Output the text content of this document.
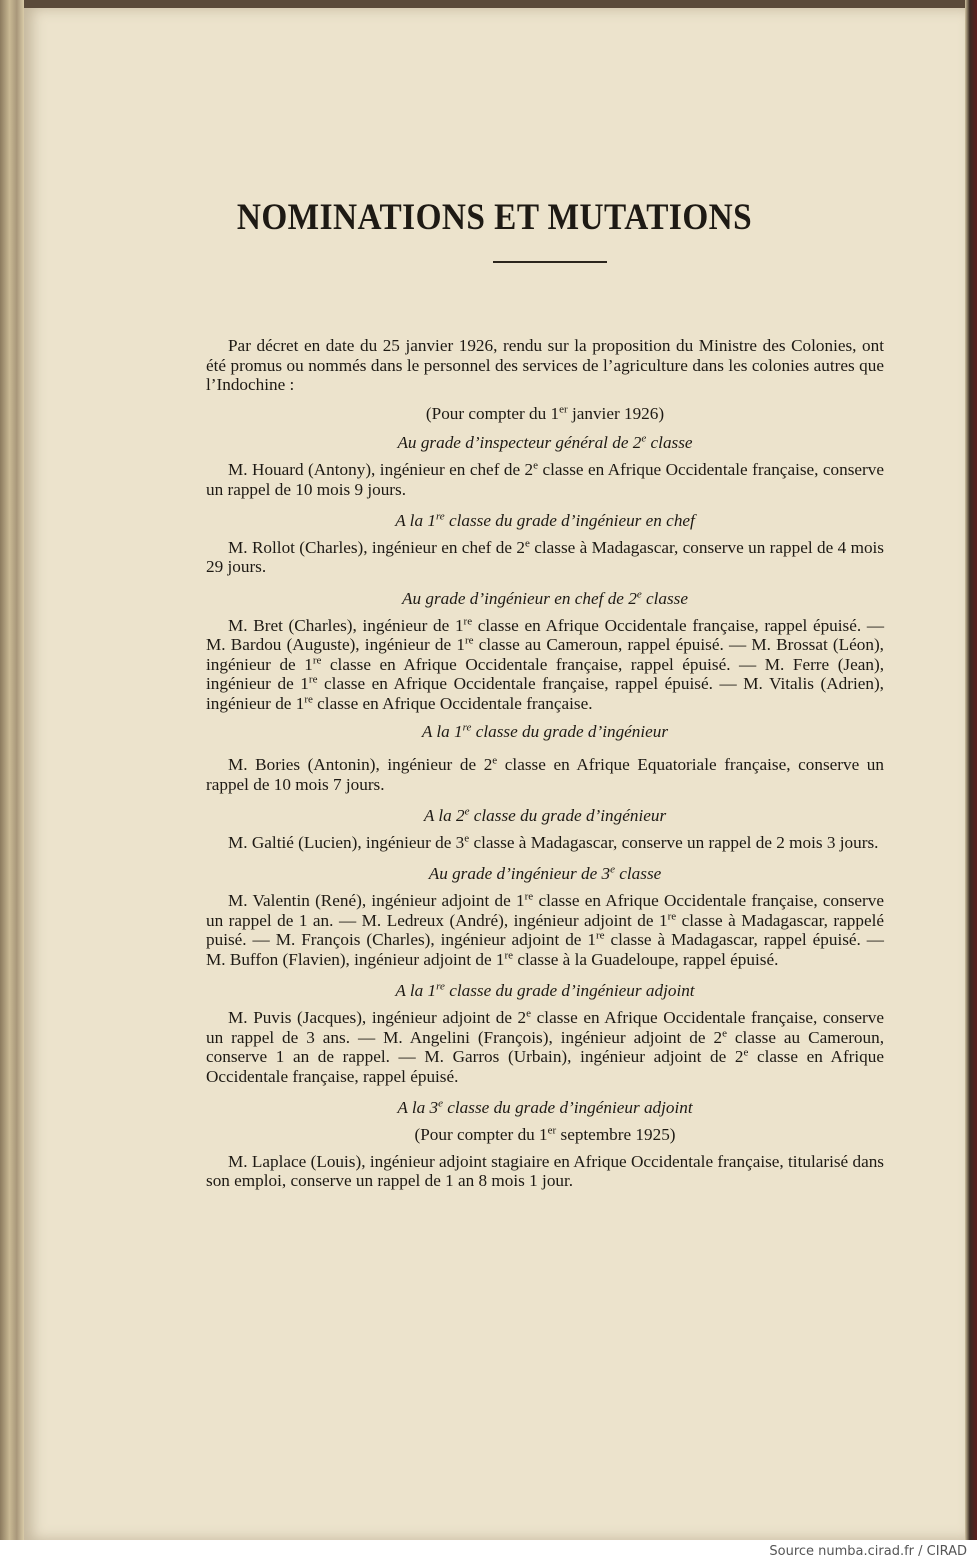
NOMINATIONS ET MUTATIONS

Par décret en date du 25 janvier 1926, rendu sur la proposition du Ministre des Colonies, ont été promus ou nommés dans le personnel des services de l’agriculture dans les colonies autres que l’Indochine :

(Pour compter du 1er janvier 1926)

Au grade d’inspecteur général de 2e classe

M. Houard (Antony), ingénieur en chef de 2e classe en Afrique Occidentale française, conserve un rappel de 10 mois 9 jours.

A la 1re classe du grade d’ingénieur en chef

M. Rollot (Charles), ingénieur en chef de 2e classe à Madagascar, conserve un rappel de 4 mois 29 jours.

Au grade d’ingénieur en chef de 2e classe

M. Bret (Charles), ingénieur de 1re classe en Afrique Occidentale française, rappel épuisé. — M. Bardou (Auguste), ingénieur de 1re classe au Cameroun, rappel épuisé. — M. Brossat (Léon), ingénieur de 1re classe en Afrique Occidentale française, rappel épuisé. — M. Ferre (Jean), ingénieur de 1re classe en Afrique Occidentale française, rappel épuisé. — M. Vitalis (Adrien), ingénieur de 1re classe en Afrique Occidentale française.

A la 1re classe du grade d’ingénieur

M. Bories (Antonin), ingénieur de 2e classe en Afrique Equatoriale française, conserve un rappel de 10 mois 7 jours.

A la 2e classe du grade d’ingénieur

M. Galtié (Lucien), ingénieur de 3e classe à Madagascar, conserve un rappel de 2 mois 3 jours.

Au grade d’ingénieur de 3e classe

M. Valentin (René), ingénieur adjoint de 1re classe en Afrique Occidentale française, conserve un rappel de 1 an. — M. Ledreux (André), ingénieur adjoint de 1re classe à Madagascar, rappelé puisé. — M. François (Charles), ingénieur adjoint de 1re classe à Madagascar, rappel épuisé. — M. Buffon (Flavien), ingénieur adjoint de 1re classe à la Guadeloupe, rappel épuisé.

A la 1re classe du grade d’ingénieur adjoint

M. Puvis (Jacques), ingénieur adjoint de 2e classe en Afrique Occidentale française, conserve un rappel de 3 ans. — M. Angelini (François), ingénieur adjoint de 2e classe au Cameroun, conserve 1 an de rappel. — M. Garros (Urbain), ingénieur adjoint de 2e classe en Afrique Occidentale française, rappel épuisé.

A la 3e classe du grade d’ingénieur adjoint

(Pour compter du 1er septembre 1925)

M. Laplace (Louis), ingénieur adjoint stagiaire en Afrique Occidentale française, titularisé dans son emploi, conserve un rappel de 1 an 8 mois 1 jour.

Source numba.cirad.fr / CIRAD
